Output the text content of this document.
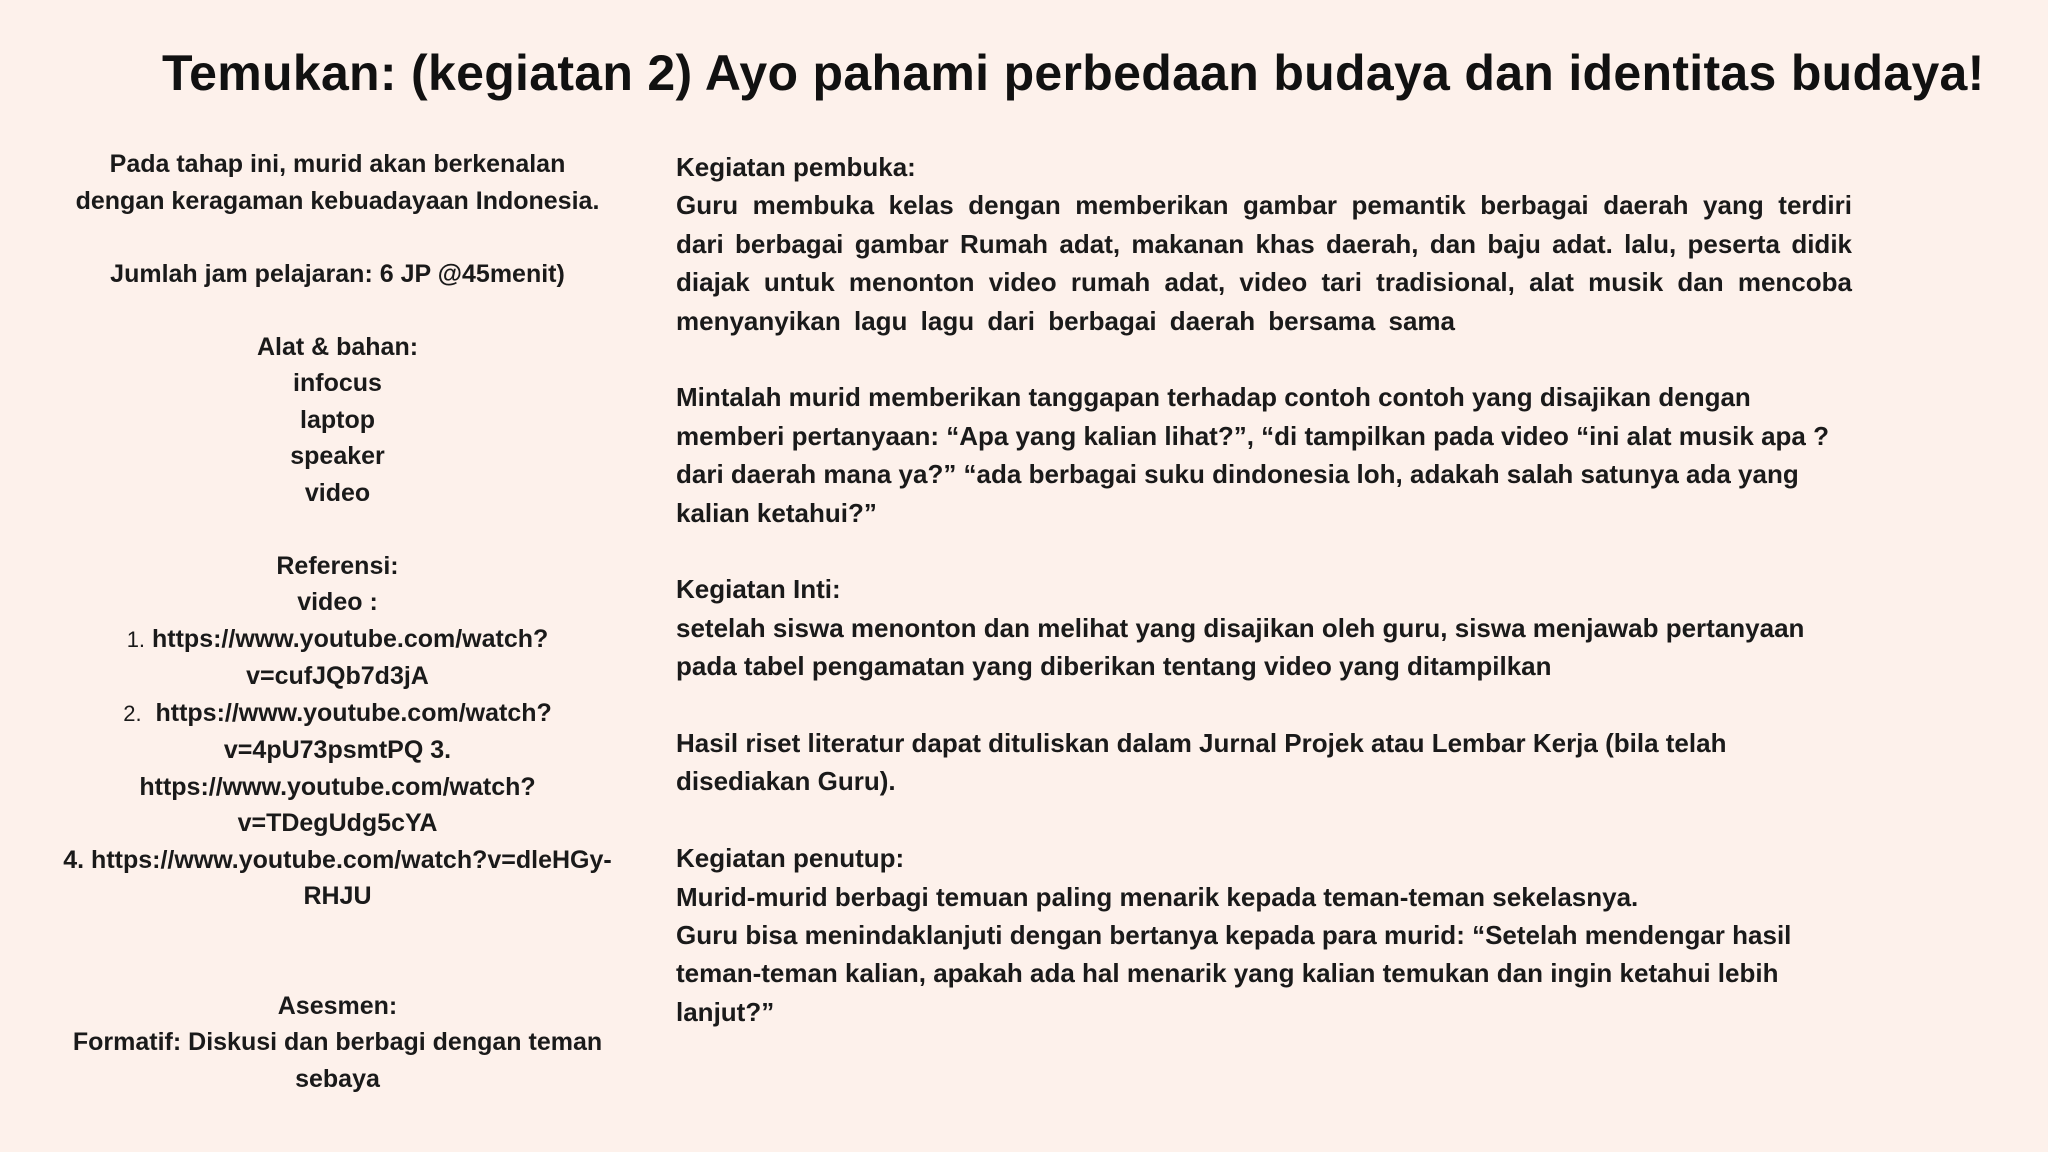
Temukan: (kegiatan 2) Ayo pahami perbedaan budaya dan identitas budaya!
Pada tahap ini, murid akan berkenalan
dengan keragaman kebuadayaan Indonesia.
Jumlah jam pelajaran: 6 JP @45menit)
Alat & bahan:
infocus
laptop
speaker
video
Referensi:
video :
1. https://www.youtube.com/watch?
v=cufJQb7d3jA
2. https://www.youtube.com/watch?
v=4pU73psmtPQ 3.
https://www.youtube.com/watch?
v=TDegUdg5cYA
4. https://www.youtube.com/watch?v=dleHGy-
RHJU
Asesmen:
Formatif: Diskusi dan berbagi dengan teman
sebaya
Kegiatan pembuka:
Guru membuka kelas dengan memberikan gambar pemantik berbagai daerah yang terdiri
dari berbagai gambar Rumah adat, makanan khas daerah, dan baju adat. lalu, peserta didik
diajak untuk menonton video rumah adat, video tari tradisional, alat musik dan mencoba
menyanyikan lagu lagu dari berbagai daerah bersama sama
Mintalah murid memberikan tanggapan terhadap contoh contoh yang disajikan dengan
memberi pertanyaan: “Apa yang kalian lihat?”, “di tampilkan pada video “ini alat musik apa ?
dari daerah mana ya?” “ada berbagai suku dindonesia loh, adakah salah satunya ada yang
kalian ketahui?”
Kegiatan Inti:
setelah siswa menonton dan melihat yang disajikan oleh guru, siswa menjawab pertanyaan
pada tabel pengamatan yang diberikan tentang video yang ditampilkan
Hasil riset literatur dapat dituliskan dalam Jurnal Projek atau Lembar Kerja (bila telah
disediakan Guru).
Kegiatan penutup:
Murid-murid berbagi temuan paling menarik kepada teman-teman sekelasnya.
Guru bisa menindaklanjuti dengan bertanya kepada para murid: “Setelah mendengar hasil
teman-teman kalian, apakah ada hal menarik yang kalian temukan dan ingin ketahui lebih
lanjut?”
